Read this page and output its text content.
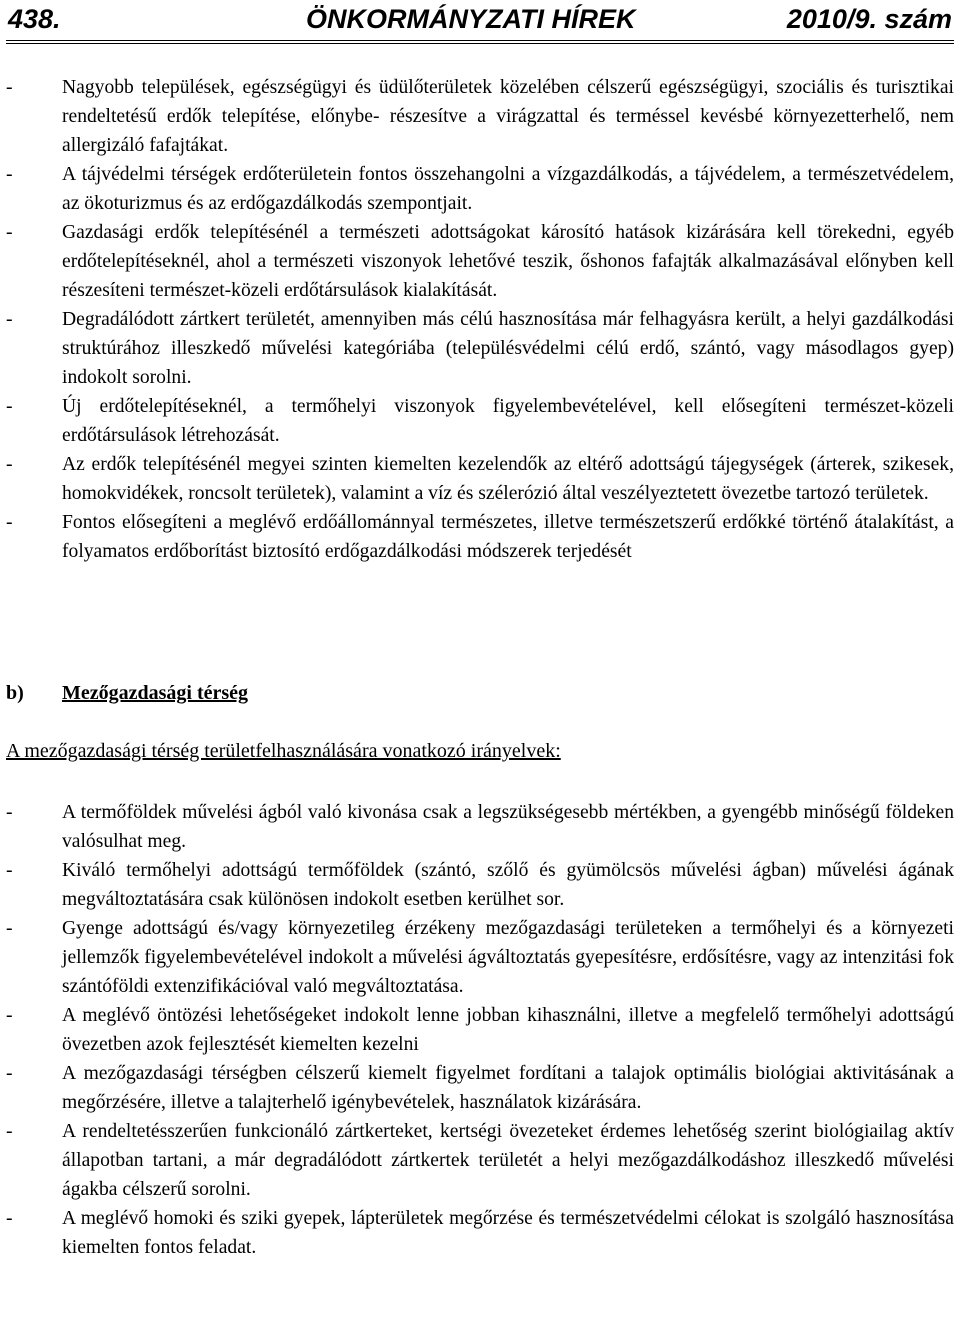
438.	ÖNKORMÁNYZATI HÍREK	2010/9. szám
-	Nagyobb települések, egészségügyi és üdülőterületek közelében célszerű egészségügyi, szociális és turisztikai rendeltetésű erdők telepítése, előnybe- részesítve a virágzattal és terméssel kevésbé környezetterhelő, nem allergizáló fafajtákat.
-	A tájvédelmi térségek erdőterületein fontos összehangolni a vízgazdálkodás, a tájvédelem, a természetvédelem, az ökoturizmus és az erdőgazdálkodás szempontjait.
-	Gazdasági erdők telepítésénél a természeti adottságokat károsító hatások kizárására kell törekedni, egyéb erdőtelepítéseknél, ahol a természeti viszonyok lehetővé teszik, őshonos fafajták alkalmazásával előnyben kell részesíteni természet-közeli erdőtársulások kialakítását.
-	Degradálódott zártkert területét, amennyiben más célú hasznosítása már felhagyásra került, a helyi gazdálkodási struktúrához illeszkedő művelési kategóriába (településvédelmi célú erdő, szántó, vagy másodlagos gyep) indokolt sorolni.
-	Új erdőtelepítéseknél, a termőhelyi viszonyok figyelembevételével, kell elősegíteni természet-közeli erdőtársulások létrehozását.
-	Az erdők telepítésénél megyei szinten kiemelten kezelendők az eltérő adottságú tájegységek (árterek, szikesek, homokvidékek, roncsolt területek), valamint a víz és szélerózió által veszélyeztetett övezetbe tartozó területek.
-	Fontos elősegíteni a meglévő erdőállománnyal természetes, illetve természetszerű erdőkké történő átalakítást, a folyamatos erdőborítást biztosító erdőgazdálkodási módszerek terjedését
b) Mezőgazdasági térség
A mezőgazdasági térség területfelhasználására vonatkozó irányelvek:
-	A termőföldek művelési ágból való kivonása csak a legszükségesebb mértékben, a gyengébb minőségű földeken valósulhat meg.
-	Kiváló termőhelyi adottságú termőföldek (szántó, szőlő és gyümölcsös művelési ágban) művelési ágának megváltoztatására csak különösen indokolt esetben kerülhet sor.
-	Gyenge adottságú és/vagy környezetileg érzékeny mezőgazdasági területeken a termőhelyi és a környezeti jellemzők figyelembevételével indokolt a művelési ágváltoztatás gyepesítésre, erdősítésre, vagy az intenzitási fok szántóföldi extenzifikációval való megváltoztatása.
-	A meglévő öntözési lehetőségeket indokolt lenne jobban kihasználni, illetve a megfelelő termőhelyi adottságú övezetben azok fejlesztését kiemelten kezelni
-	A mezőgazdasági térségben célszerű kiemelt figyelmet fordítani a talajok optimális biológiai aktivitásának a megőrzésére, illetve a talajterhelő igénybevételek, használatok kizárására.
-	A rendeltetésszerűen funkcionáló zártkerteket, kertségi övezeteket érdemes lehetőség szerint biológiailag aktív állapotban tartani, a már degradálódott zártkertek területét a helyi mezőgazdálkodáshoz illeszkedő művelési ágakba célszerű sorolni.
-	A meglévő homoki és sziki gyepek, lápterületek megőrzése és természetvédelmi célokat is szolgáló hasznosítása kiemelten fontos feladat.
